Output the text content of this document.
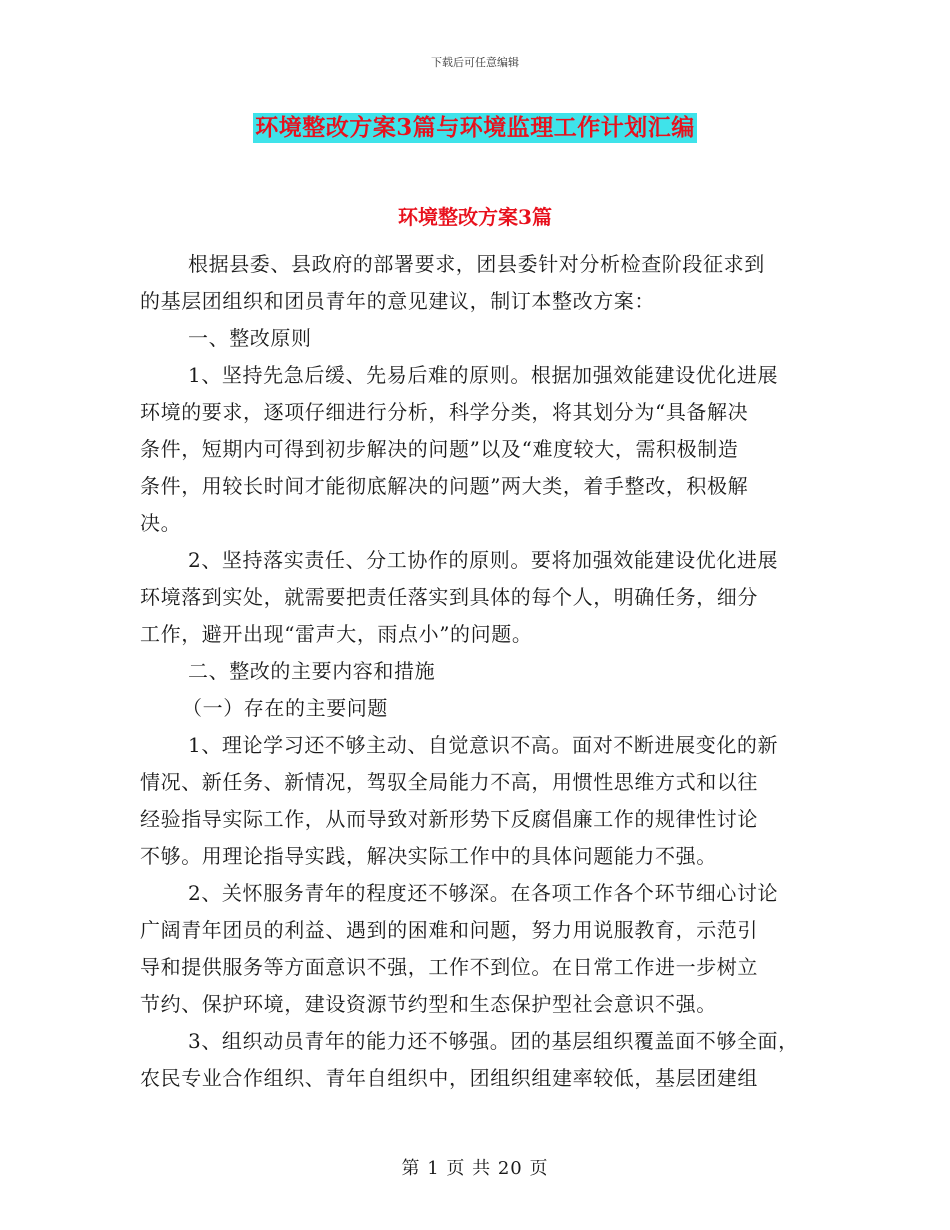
下载后可任意编辑
环境整改方案3篇与环境监理工作计划汇编
环境整改方案3篇
根据县委、县政府的部署要求，团县委针对分析检查阶段征求到
的基层团组织和团员青年的意见建议，制订本整改方案：
一、整改原则
1、坚持先急后缓、先易后难的原则。根据加强效能建设优化进展
环境的要求，逐项仔细进行分析，科学分类，将其划分为“具备解决
条件，短期内可得到初步解决的问题”以及“难度较大，需积极制造
条件，用较长时间才能彻底解决的问题”两大类，着手整改，积极解
决。
2、坚持落实责任、分工协作的原则。要将加强效能建设优化进展
环境落到实处，就需要把责任落实到具体的每个人，明确任务，细分
工作，避开出现“雷声大，雨点小”的问题。
二、整改的主要内容和措施
（一）存在的主要问题
1、理论学习还不够主动、自觉意识不高。面对不断进展变化的新
情况、新任务、新情况，驾驭全局能力不高，用惯性思维方式和以往
经验指导实际工作，从而导致对新形势下反腐倡廉工作的规律性讨论
不够。用理论指导实践，解决实际工作中的具体问题能力不强。
2、关怀服务青年的程度还不够深。在各项工作各个环节细心讨论
广阔青年团员的利益、遇到的困难和问题，努力用说服教育，示范引
导和提供服务等方面意识不强，工作不到位。在日常工作进一步树立
节约、保护环境，建设资源节约型和生态保护型社会意识不强。
3、组织动员青年的能力还不够强。团的基层组织覆盖面不够全面，
农民专业合作组织、青年自组织中，团组织组建率较低，基层团建组
第 1 页 共 20 页
